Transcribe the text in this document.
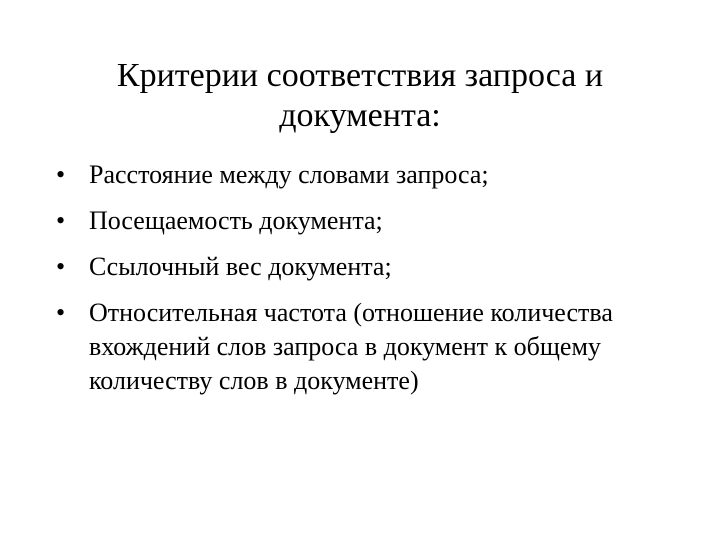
Критерии соответствия запроса и
документа:
• Расстояние между словами запроса;
• Посещаемость документа;
• Ссылочный вес документа;
• Относительная частота (отношение количества вхождений слов запроса в документ к общему количеству слов в документе)
